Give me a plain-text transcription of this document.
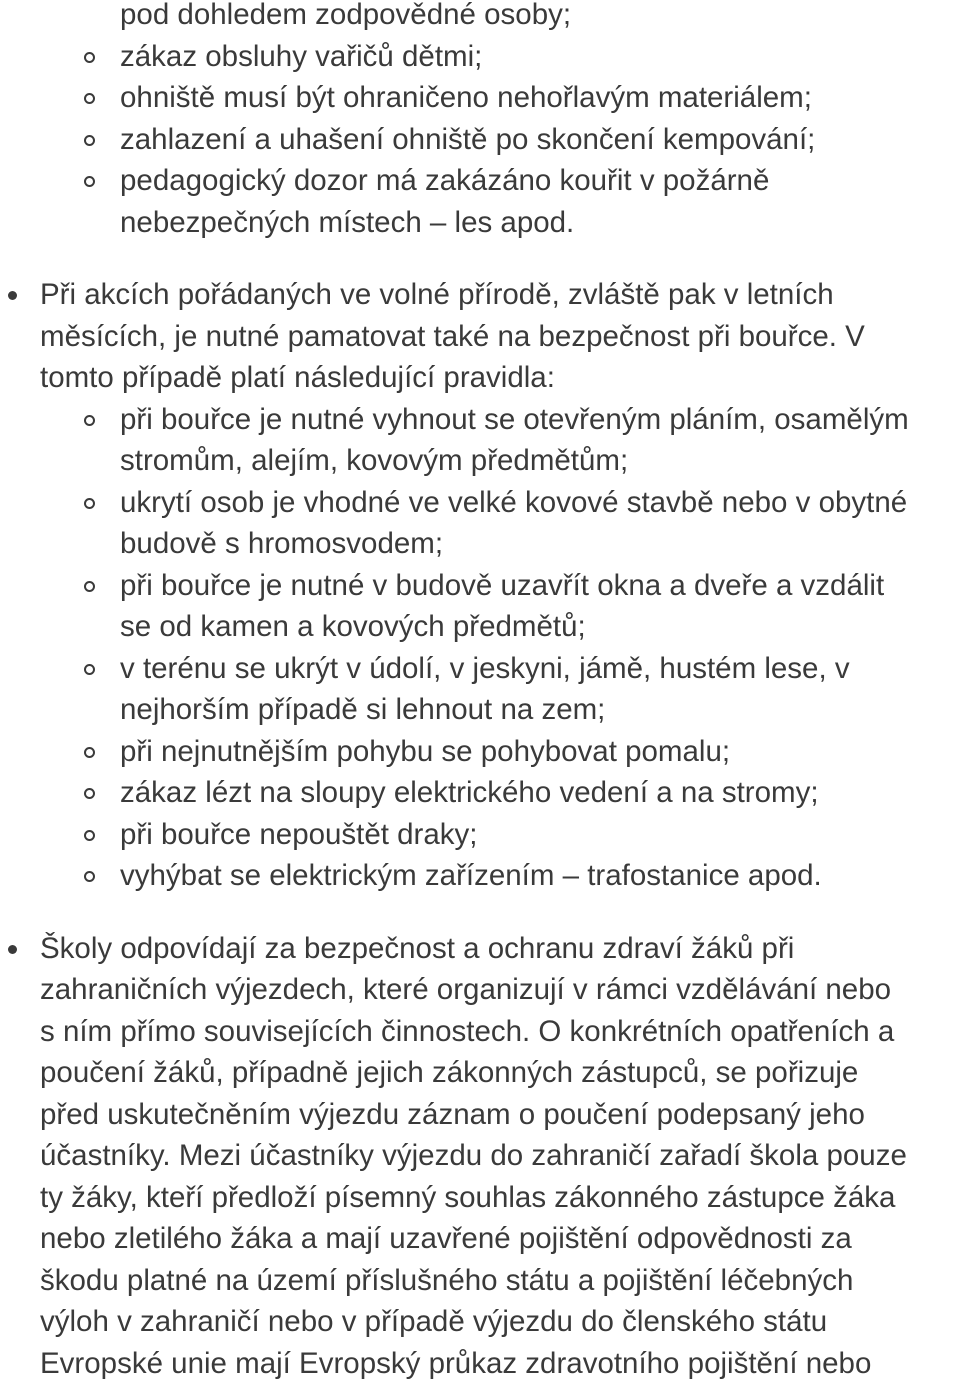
pod dohledem zodpovědné osoby;
zákaz obsluhy vařičů dětmi;
ohniště musí být ohraničeno nehořlavým materiálem;
zahlazení a uhašení ohniště po skončení kempování;
pedagogický dozor má zakázáno kouřit v požárně
nebezpečných místech – les apod.
Při akcích pořádaných ve volné přírodě, zvláště pak v letních
měsících, je nutné pamatovat také na bezpečnost při bouřce. V
tomto případě platí následující pravidla:
při bouřce je nutné vyhnout se otevřeným pláním, osamělým
stromům, alejím, kovovým předmětům;
ukrytí osob je vhodné ve velké kovové stavbě nebo v obytné
budově s hromosvodem;
při bouřce je nutné v budově uzavřít okna a dveře a vzdálit
se od kamen a kovových předmětů;
v terénu se ukrýt v údolí, v jeskyni, jámě, hustém lese, v
nejhorším případě si lehnout na zem;
při nejnutnějším pohybu se pohybovat pomalu;
zákaz lézt na sloupy elektrického vedení a na stromy;
při bouřce nepouštět draky;
vyhýbat se elektrickým zařízením – trafostanice apod.
Školy odpovídají za bezpečnost a ochranu zdraví žáků při
zahraničních výjezdech, které organizují v rámci vzdělávání nebo
s ním přímo souvisejících činnostech. O konkrétních opatřeních a
poučení žáků, případně jejich zákonných zástupců, se pořizuje
před uskutečněním výjezdu záznam o poučení podepsaný jeho
účastníky. Mezi účastníky výjezdu do zahraničí zařadí škola pouze
ty žáky, kteří předloží písemný souhlas zákonného zástupce žáka
nebo zletilého žáka a mají uzavřené pojištění odpovědnosti za
škodu platné na území příslušného státu a pojištění léčebných
výloh v zahraničí nebo v případě výjezdu do členského státu
Evropské unie mají Evropský průkaz zdravotního pojištění nebo
